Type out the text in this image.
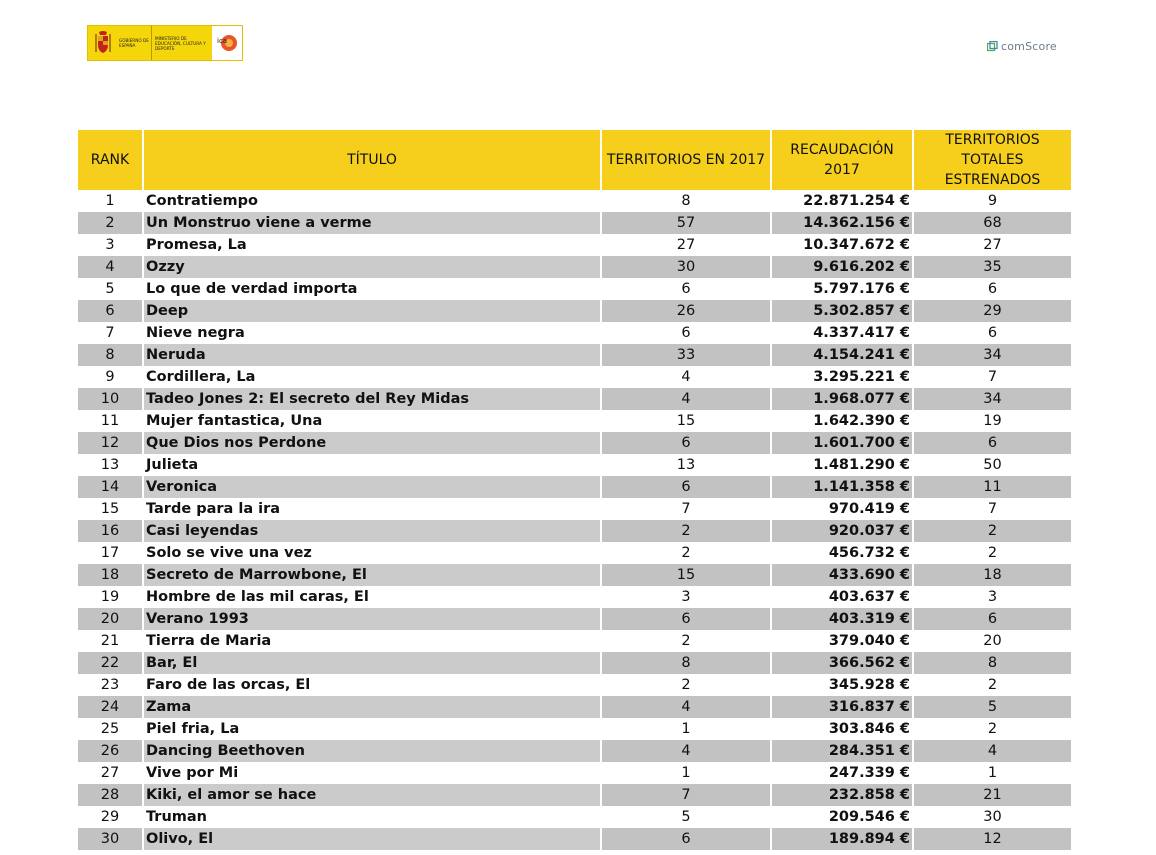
GOBIERNO DE ESPAÑA
MINISTERIO DE EDUCACIÓN, CULTURA Y DEPORTE
ica	comScore
RANK	TÍTULO	TERRITORIOS EN 2017	RECAUDACIÓN 2017	TERRITORIOS TOTALES ESTRENADOS
1	Contratiempo	8	22.871.254 €	9
2	Un Monstruo viene a verme	57	14.362.156 €	68
3	Promesa, La	27	10.347.672 €	27
4	Ozzy	30	9.616.202 €	35
5	Lo que de verdad importa	6	5.797.176 €	6
6	Deep	26	5.302.857 €	29
7	Nieve negra	6	4.337.417 €	6
8	Neruda	33	4.154.241 €	34
9	Cordillera, La	4	3.295.221 €	7
10	Tadeo Jones 2: El secreto del Rey Midas	4	1.968.077 €	34
11	Mujer fantastica, Una	15	1.642.390 €	19
12	Que Dios nos Perdone	6	1.601.700 €	6
13	Julieta	13	1.481.290 €	50
14	Veronica	6	1.141.358 €	11
15	Tarde para la ira	7	970.419 €	7
16	Casi leyendas	2	920.037 €	2
17	Solo se vive una vez	2	456.732 €	2
18	Secreto de Marrowbone, El	15	433.690 €	18
19	Hombre de las mil caras, El	3	403.637 €	3
20	Verano 1993	6	403.319 €	6
21	Tierra de Maria	2	379.040 €	20
22	Bar, El	8	366.562 €	8
23	Faro de las orcas, El	2	345.928 €	2
24	Zama	4	316.837 €	5
25	Piel fria, La	1	303.846 €	2
26	Dancing Beethoven	4	284.351 €	4
27	Vive por Mi	1	247.339 €	1
28	Kiki, el amor se hace	7	232.858 €	21
29	Truman	5	209.546 €	30
30	Olivo, El	6	189.894 €	12
